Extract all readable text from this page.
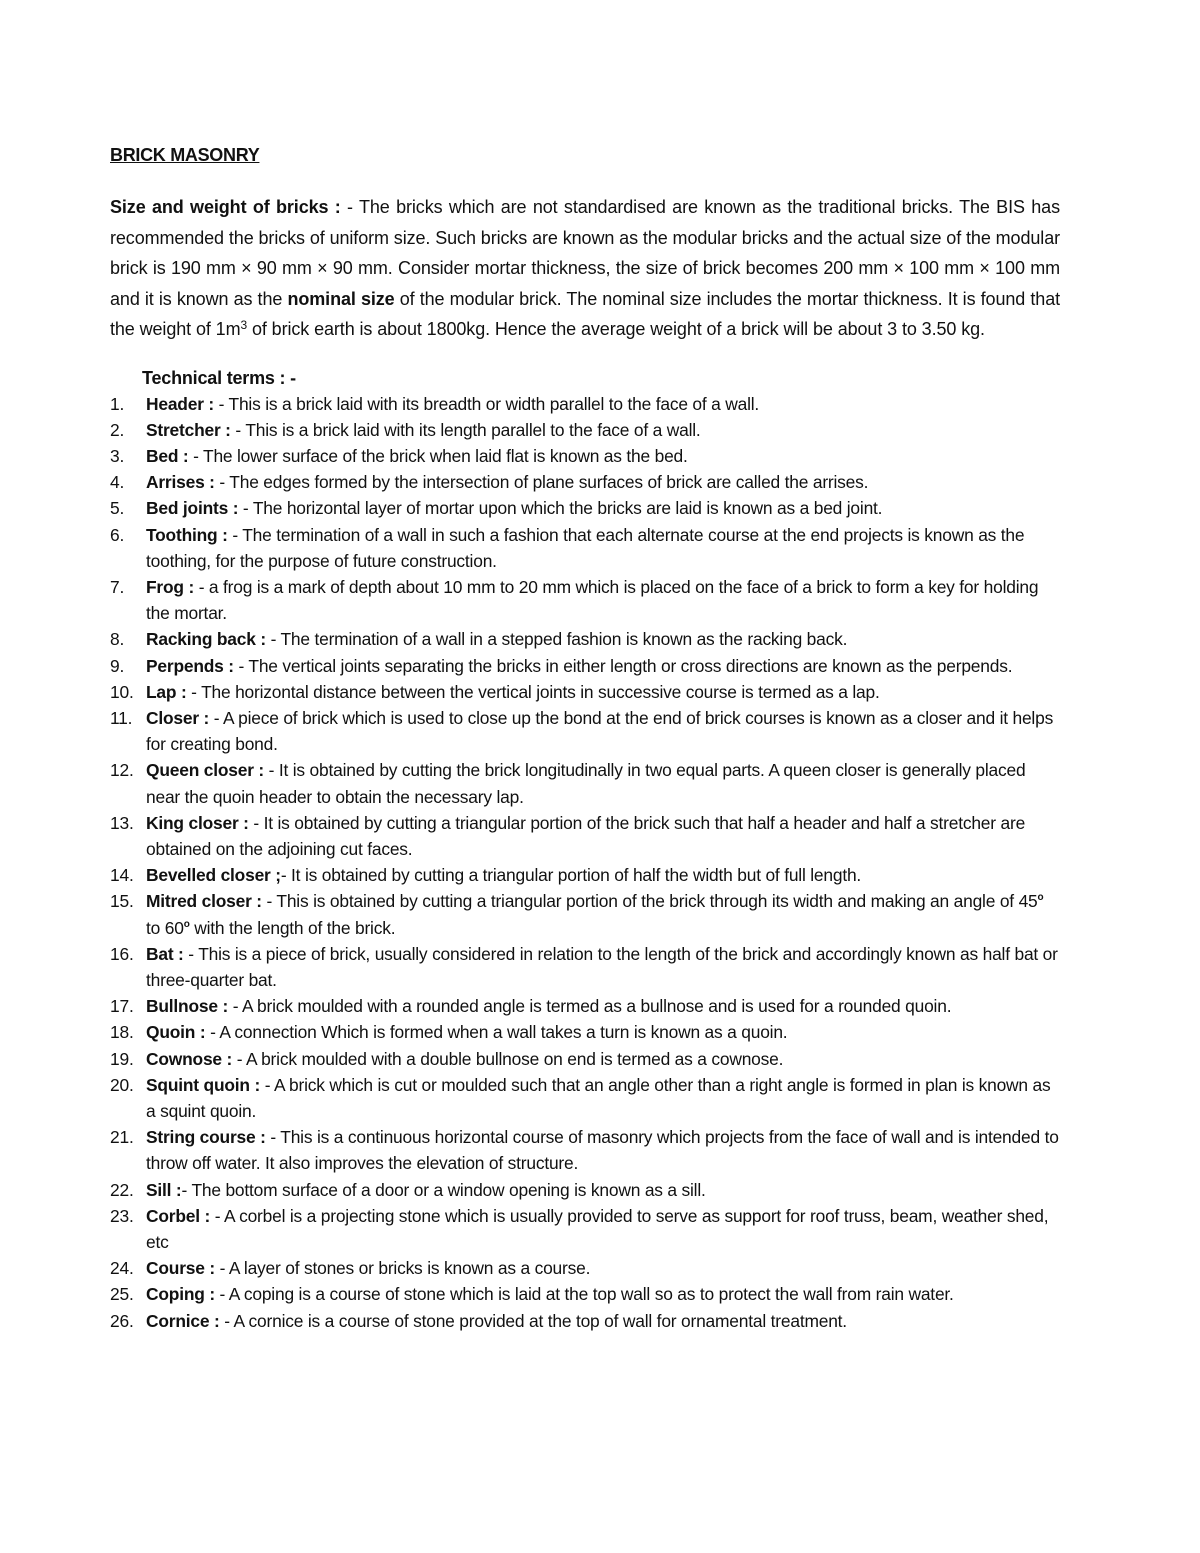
BRICK MASONRY

Size and weight of bricks : - The bricks which are not standardised are known as the traditional bricks. The BIS has recommended the bricks of uniform size. Such bricks are known as the modular bricks and the actual size of the modular brick is 190 mm × 90 mm × 90 mm. Consider mortar thickness, the size of brick becomes 200 mm × 100 mm × 100 mm and it is known as the nominal size of the modular brick. The nominal size includes the mortar thickness. It is found that the weight of $1m^3$ of brick earth is about 1800kg. Hence the average weight of a brick will be about 3 to 3.50 kg.

Technical terms : -
1. Header : - This is a brick laid with its breadth or width parallel to the face of a wall.
2. Stretcher : - This is a brick laid with its length parallel to the face of a wall.
3. Bed : - The lower surface of the brick when laid flat is known as the bed.
4. Arrises : - The edges formed by the intersection of plane surfaces of brick are called the arrises.
5. Bed joints : - The horizontal layer of mortar upon which the bricks are laid is known as a bed joint.
6. Toothing : - The termination of a wall in such a fashion that each alternate course at the end projects is known as the toothing, for the purpose of future construction.
7. Frog : - a frog is a mark of depth about 10 mm to 20 mm which is placed on the face of a brick to form a key for holding the mortar.
8. Racking back : - The termination of a wall in a stepped fashion is known as the racking back.
9. Perpends : - The vertical joints separating the bricks in either length or cross directions are known as the perpends.
10. Lap : - The horizontal distance between the vertical joints in successive course is termed as a lap.
11. Closer : - A piece of brick which is used to close up the bond at the end of brick courses is known as a closer and it helps for creating bond.
12. Queen closer : - It is obtained by cutting the brick longitudinally in two equal parts. A queen closer is generally placed near the quoin header to obtain the necessary lap.
13. King closer : - It is obtained by cutting a triangular portion of the brick such that half a header and half a stretcher are obtained on the adjoining cut faces.
14. Bevelled closer ;- It is obtained by cutting a triangular portion of half the width but of full length.
15. Mitred closer : - This is obtained by cutting a triangular portion of the brick through its width and making an angle of 45$^o$ to 60$^o$ with the length of the brick.
16. Bat : - This is a piece of brick, usually considered in relation to the length of the brick and accordingly known as half bat or three-quarter bat.
17. Bullnose : - A brick moulded with a rounded angle is termed as a bullnose and is used for a rounded quoin.
18. Quoin : - A connection Which is formed when a wall takes a turn is known as a quoin.
19. Cownose : - A brick moulded with a double bullnose on end is termed as a cownose.
20. Squint quoin : - A brick which is cut or moulded such that an angle other than a right angle is formed in plan is known as a squint quoin.
21. String course : - This is a continuous horizontal course of masonry which projects from the face of wall and is intended to throw off water. It also improves the elevation of structure.
22. Sill :- The bottom surface of a door or a window opening is known as a sill.
23. Corbel : - A corbel is a projecting stone which is usually provided to serve as support for roof truss, beam, weather shed, etc
24. Course : - A layer of stones or bricks is known as a course.
25. Coping : - A coping is a course of stone which is laid at the top wall so as to protect the wall from rain water.
26. Cornice : - A cornice is a course of stone provided at the top of wall for ornamental treatment.
